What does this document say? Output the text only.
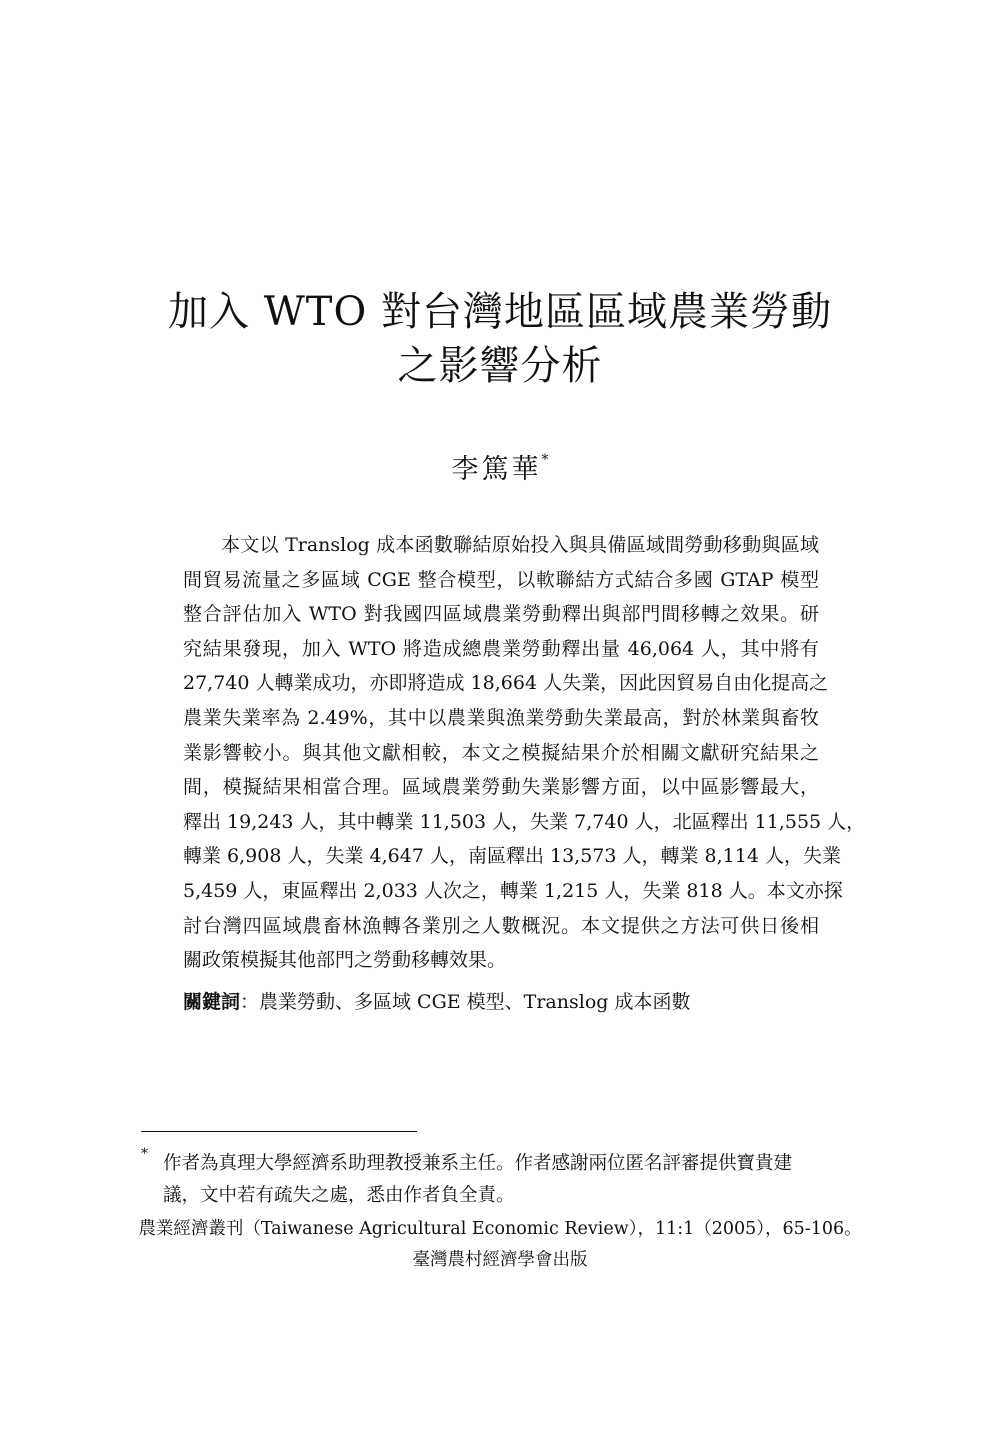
加入 WTO 對台灣地區區域農業勞動
之影響分析
李篤華*
本文以 Translog 成本函數聯結原始投入與具備區域間勞動移動與區域
間貿易流量之多區域 CGE 整合模型，以軟聯結方式結合多國 GTAP 模型
整合評估加入 WTO 對我國四區域農業勞動釋出與部門間移轉之效果。研
究結果發現，加入 WTO 將造成總農業勞動釋出量 46,064 人，其中將有
27,740 人轉業成功，亦即將造成 18,664 人失業，因此因貿易自由化提高之
農業失業率為 2.49%，其中以農業與漁業勞動失業最高，對於林業與畜牧
業影響較小。與其他文獻相較，本文之模擬結果介於相關文獻研究結果之
間，模擬結果相當合理。區域農業勞動失業影響方面，以中區影響最大，
釋出 19,243 人，其中轉業 11,503 人，失業 7,740 人，北區釋出 11,555 人，
轉業 6,908 人，失業 4,647 人，南區釋出 13,573 人，轉業 8,114 人，失業
5,459 人，東區釋出 2,033 人次之，轉業 1,215 人，失業 818 人。本文亦探
討台灣四區域農畜林漁轉各業別之人數概況。本文提供之方法可供日後相
關政策模擬其他部門之勞動移轉效果。
關鍵詞：農業勞動、多區域 CGE 模型、Translog 成本函數
* 作者為真理大學經濟系助理教授兼系主任。作者感謝兩位匿名評審提供寶貴建
議，文中若有疏失之處，悉由作者負全責。
農業經濟叢刊（Taiwanese Agricultural Economic Review），11:1（2005），65-106。
臺灣農村經濟學會出版
